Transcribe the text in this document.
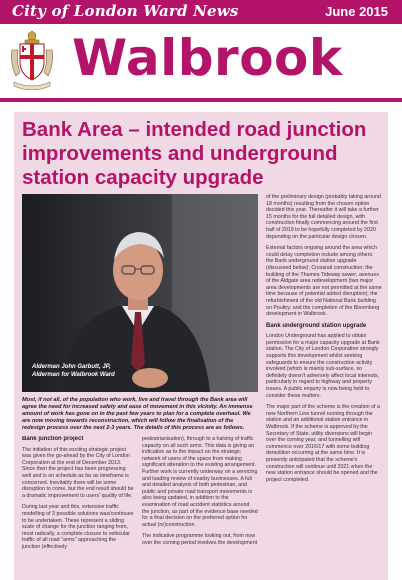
City of London Ward News	June 2015
Walbrook
Bank Area – intended road junction improvements and underground station capacity upgrade
Alderman John Garbutt, JP,
Alderman for Walbrook Ward

Most, if not all, of the population who work, live and travel through the Bank area will agree the need for increased safety and ease of movement in this vicinity. An immense amount of work has gone on in the past few years to plan for a complete overhaul. We are now moving towards reconstruction, which will follow the finalisation of the redesign process over the next 2-3 years. The details of this process are as follows.

Bank junction project

The initiation of this exciting strategic project was given the go-ahead by the City of London Corporation at the end of December 2013. Since then the project has been progressing well and is on schedule as far as timeframe is concerned. Inevitably there will be some disruption to come, but the end result should be a dramatic improvement to users' quality of life.

During last year and this, extensive traffic modelling of 3 possible solutions was/continues to be undertaken. These represent a sliding scale of change for the junction ranging from, most radically, a complete closure to vehicular traffic of all road "arms" approaching the junction (effectively

pedestrianisation), through to a halving of traffic capacity on all such arms. This data is giving an indication as to the impact on the strategic network of users of the space from making significant alteration to the existing arrangement. Further work is currently underway on a servicing and loading review of nearby businesses. A full and detailed analysis of both pedestrian, and public and private road transport movements is also being updated, in addition to the examination of road accident statistics around the junction, as part of the evidence base needed for a final decision on the preferred option for actual (re)construction.

The indicative programme looking out, from now over the coming period involves the development

of the preliminary design (probably taking around 18 months) resulting from the chosen option decided this year. Thereafter it will take a further 15 months for the full detailed design, with construction finally commencing around the first half of 2019 to be hopefully completed by 2020 depending on the particular design chosen.

External factors ongoing around the area which could delay completion include among others: the Bank underground station upgrade (discussed below); Crossrail construction; the building of the Thames Tideway sewer; avenues of the Aldgate area redevelopment (two major area developments are not permitted at the same time because of potential added disruption); the refurbishment of the old National Bank building on Poultry; and the completion of the Bloomberg development in Walbrook.

Bank underground station upgrade

London Underground has applied to obtain permission for a major capacity upgrade at Bank station. The City of London Corporation strongly supports this development whilst seeking safeguards to ensure the construction activity involved (which is mainly sub-surface, so definitely doesn't adversely affect local interests, particularly in regard to highway and property issues. A public enquiry is now being held to consider these matters.

The major part of the scheme is the creation of a new Northern Line tunnel running through the station and an additional station entrance in Walbrook. If the scheme is approved by the Secretary of State, utility diversions will begin over the coming year, and tunnelling will commence over 2016/17 with some building demolition occurring at the same time. It is presently anticipated that the scheme's construction will continue until 2021 when the new station entrance should be opened and the project completed.
